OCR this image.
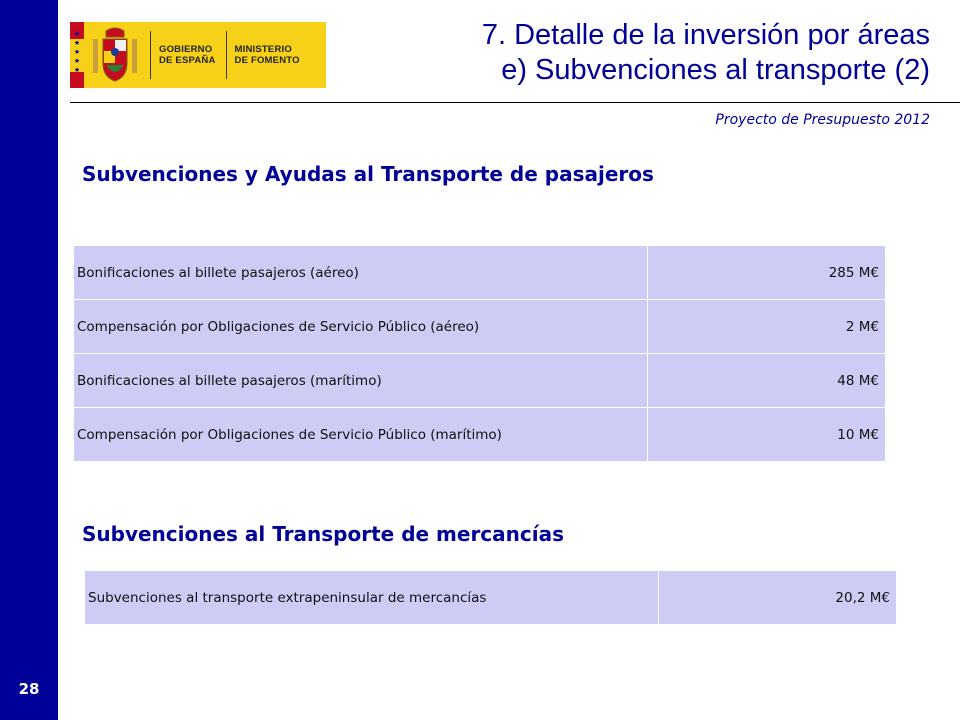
28
★
★
★
★
★
GOBIERNO
DE ESPAÑA
MINISTERIO
DE FOMENTO
7. Detalle de la inversión por áreas
e) Subvenciones al transporte (2)
Proyecto de Presupuesto 2012
Subvenciones y Ayudas al Transporte de pasajeros
Bonificaciones al billete pasajeros (aéreo)	285 M€
Compensación por Obligaciones de Servicio Público (aéreo)	2 M€
Bonificaciones al billete pasajeros (marítimo)	48 M€
Compensación por Obligaciones de Servicio Público (marítimo)	10 M€
Subvenciones al Transporte de mercancías
Subvenciones al transporte extrapeninsular de mercancías	20,2 M€
